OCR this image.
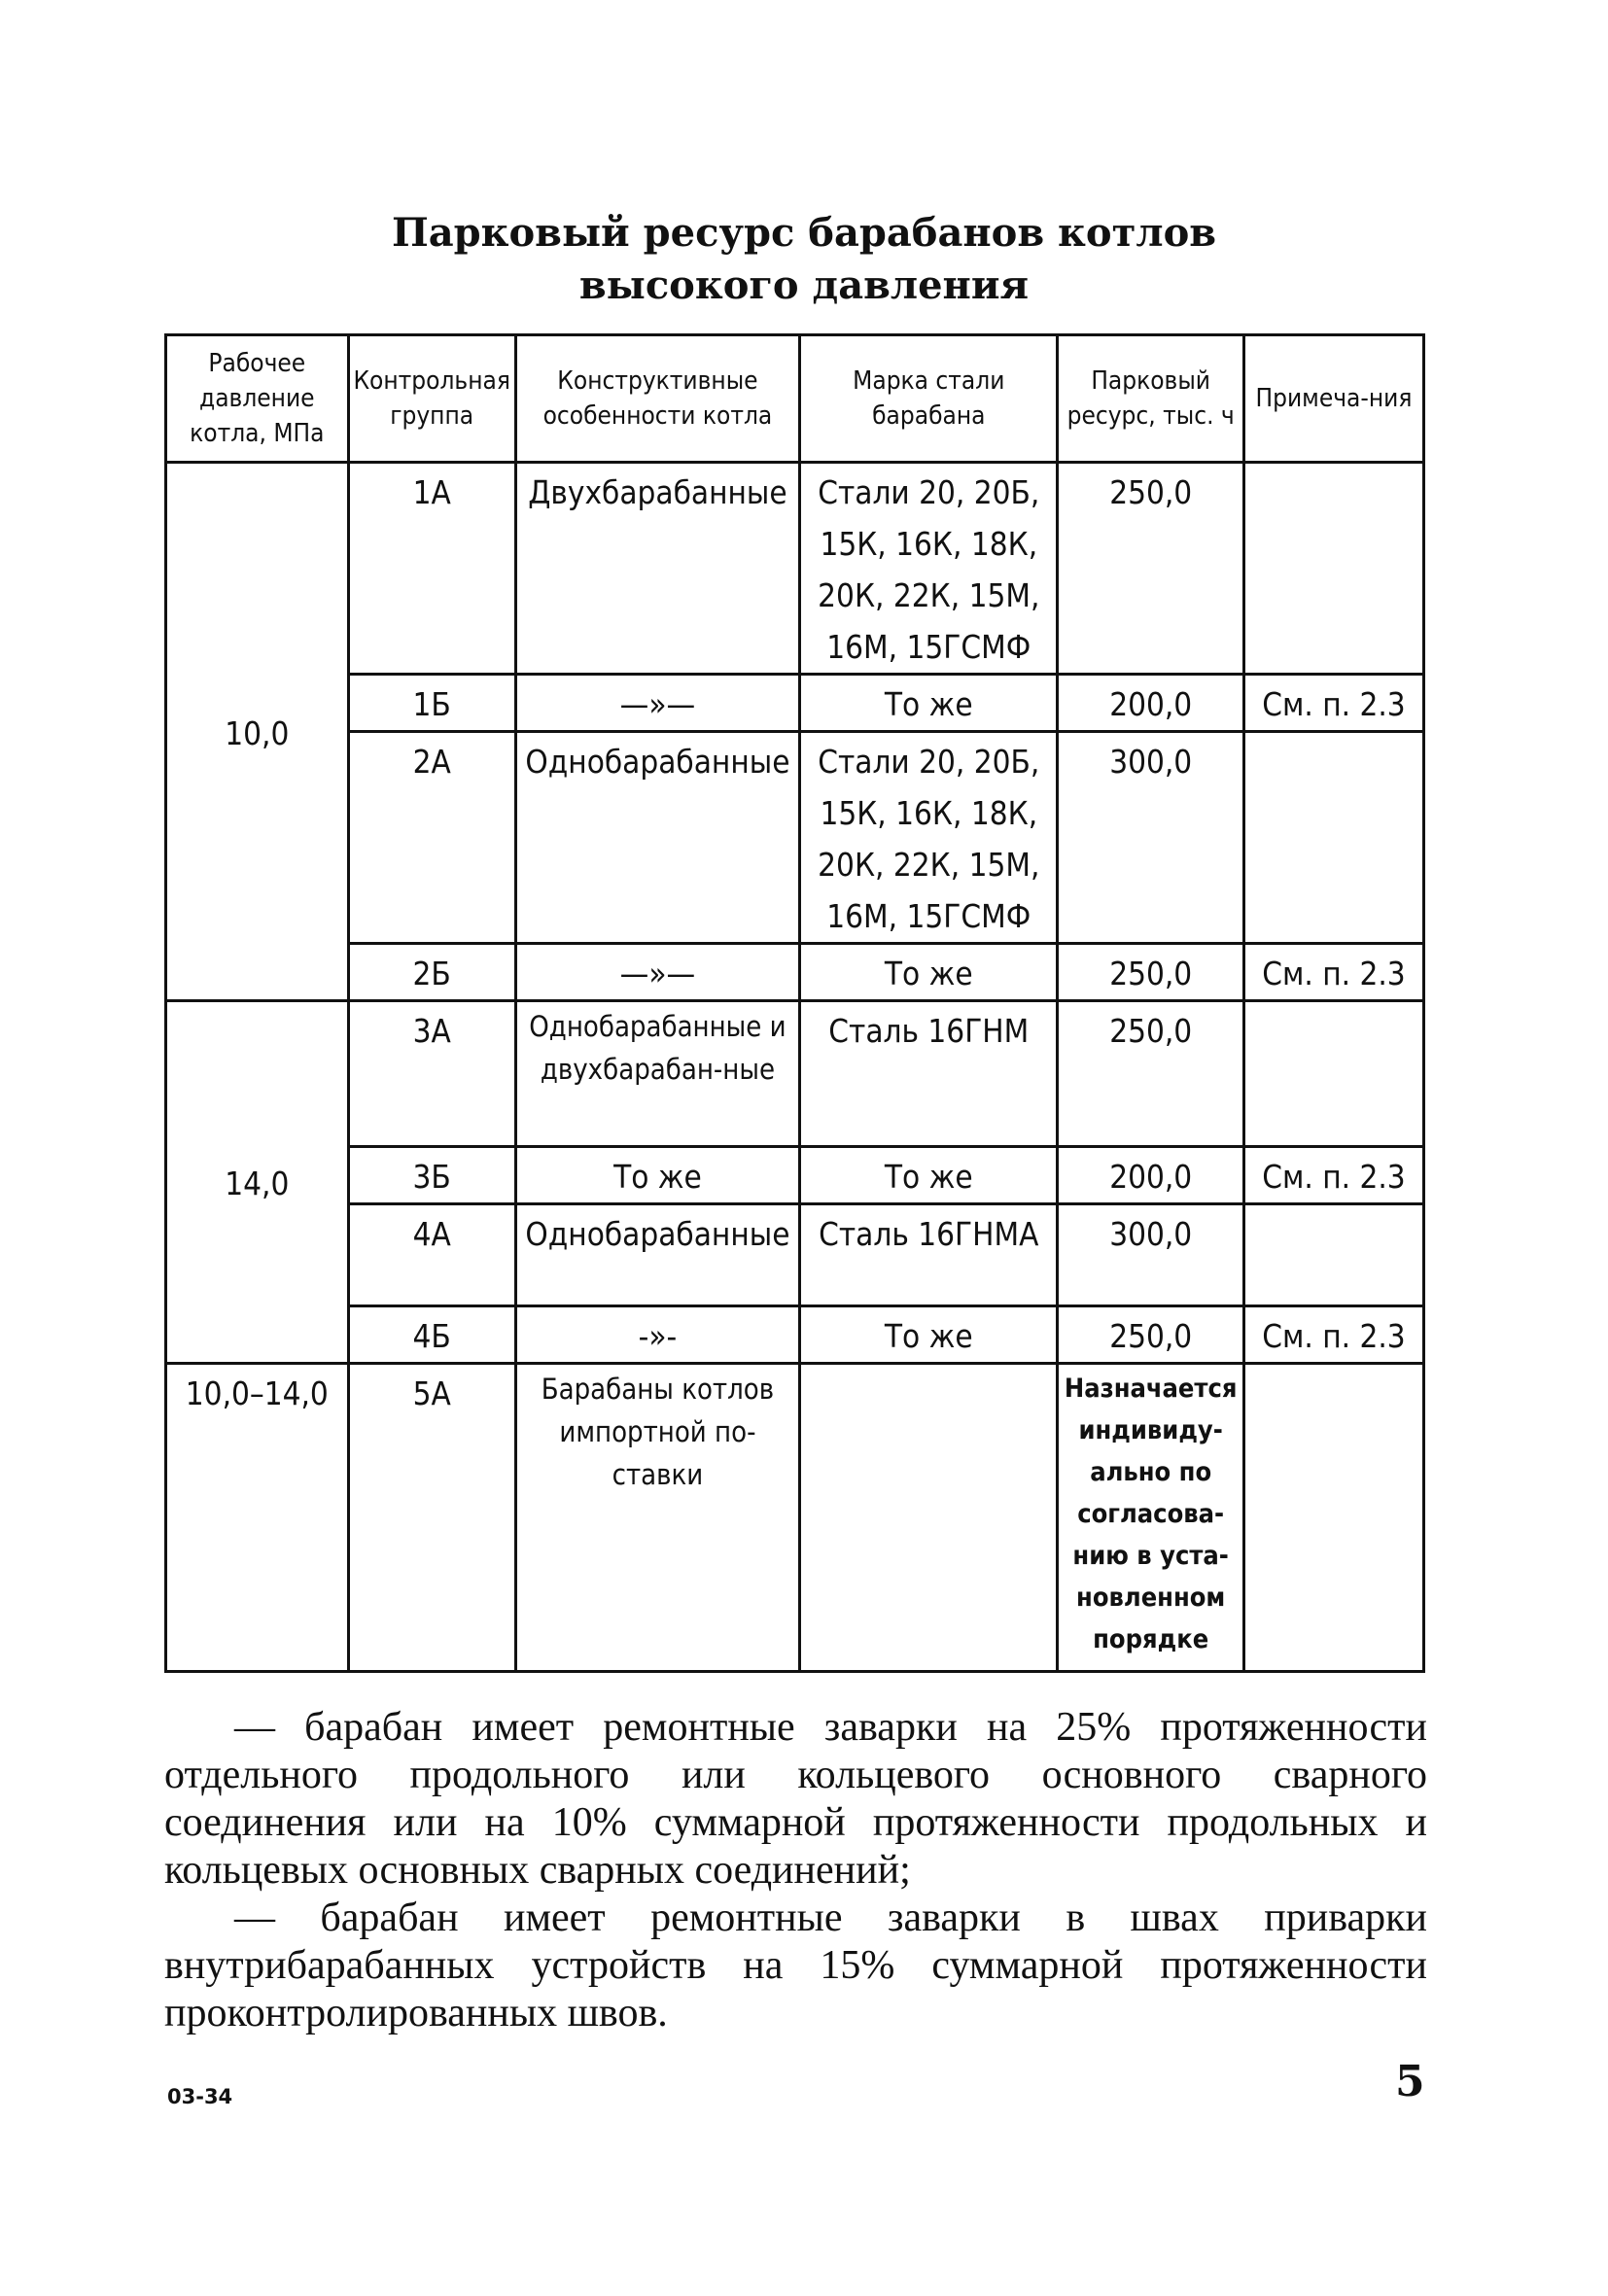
Парковый ресурс барабанов котлов
высокого давления
Рабочее давление котла, МПа	Контрольная группа	Конструктивные особенности котла	Марка стали барабана	Парковый ресурс, тыс. ч	Примеча-ния
10,0	1А	Двухбарабанные	Стали 20, 20Б, 15К, 16К, 18К, 20К, 22К, 15М, 16М, 15ГСМФ	250,0	
	1Б	—»—	То же	200,0	См. п. 2.3
	2А	Однобарабанные	Стали 20, 20Б, 15К, 16К, 18К, 20К, 22К, 15М, 16М, 15ГСМФ	300,0	
	2Б	—»—	То же	250,0	См. п. 2.3
14,0	3А	Однобарабанные и двухбарабан-ные	Сталь 16ГНМ	250,0	
	3Б	То же	То же	200,0	См. п. 2.3
	4А	Однобарабанные	Сталь 16ГНМА	300,0	
	4Б	-»-	То же	250,0	См. п. 2.3
10,0–14,0	5А	Барабаны котлов импортной по-ставки		Назначается индивиду-ально по согласова-нию в уста-новленном порядке	

— барабан имеет ремонтные заварки на 25% протяженности отдельного продольного или кольцевого основного сварного соединения или на 10% суммарной протяженности продольных и кольцевых основных сварных соединений;

— барабан имеет ремонтные заварки в швах приварки внутрибарабанных устройств на 15% суммарной протяженности проконтролированных швов.

03-34	5
